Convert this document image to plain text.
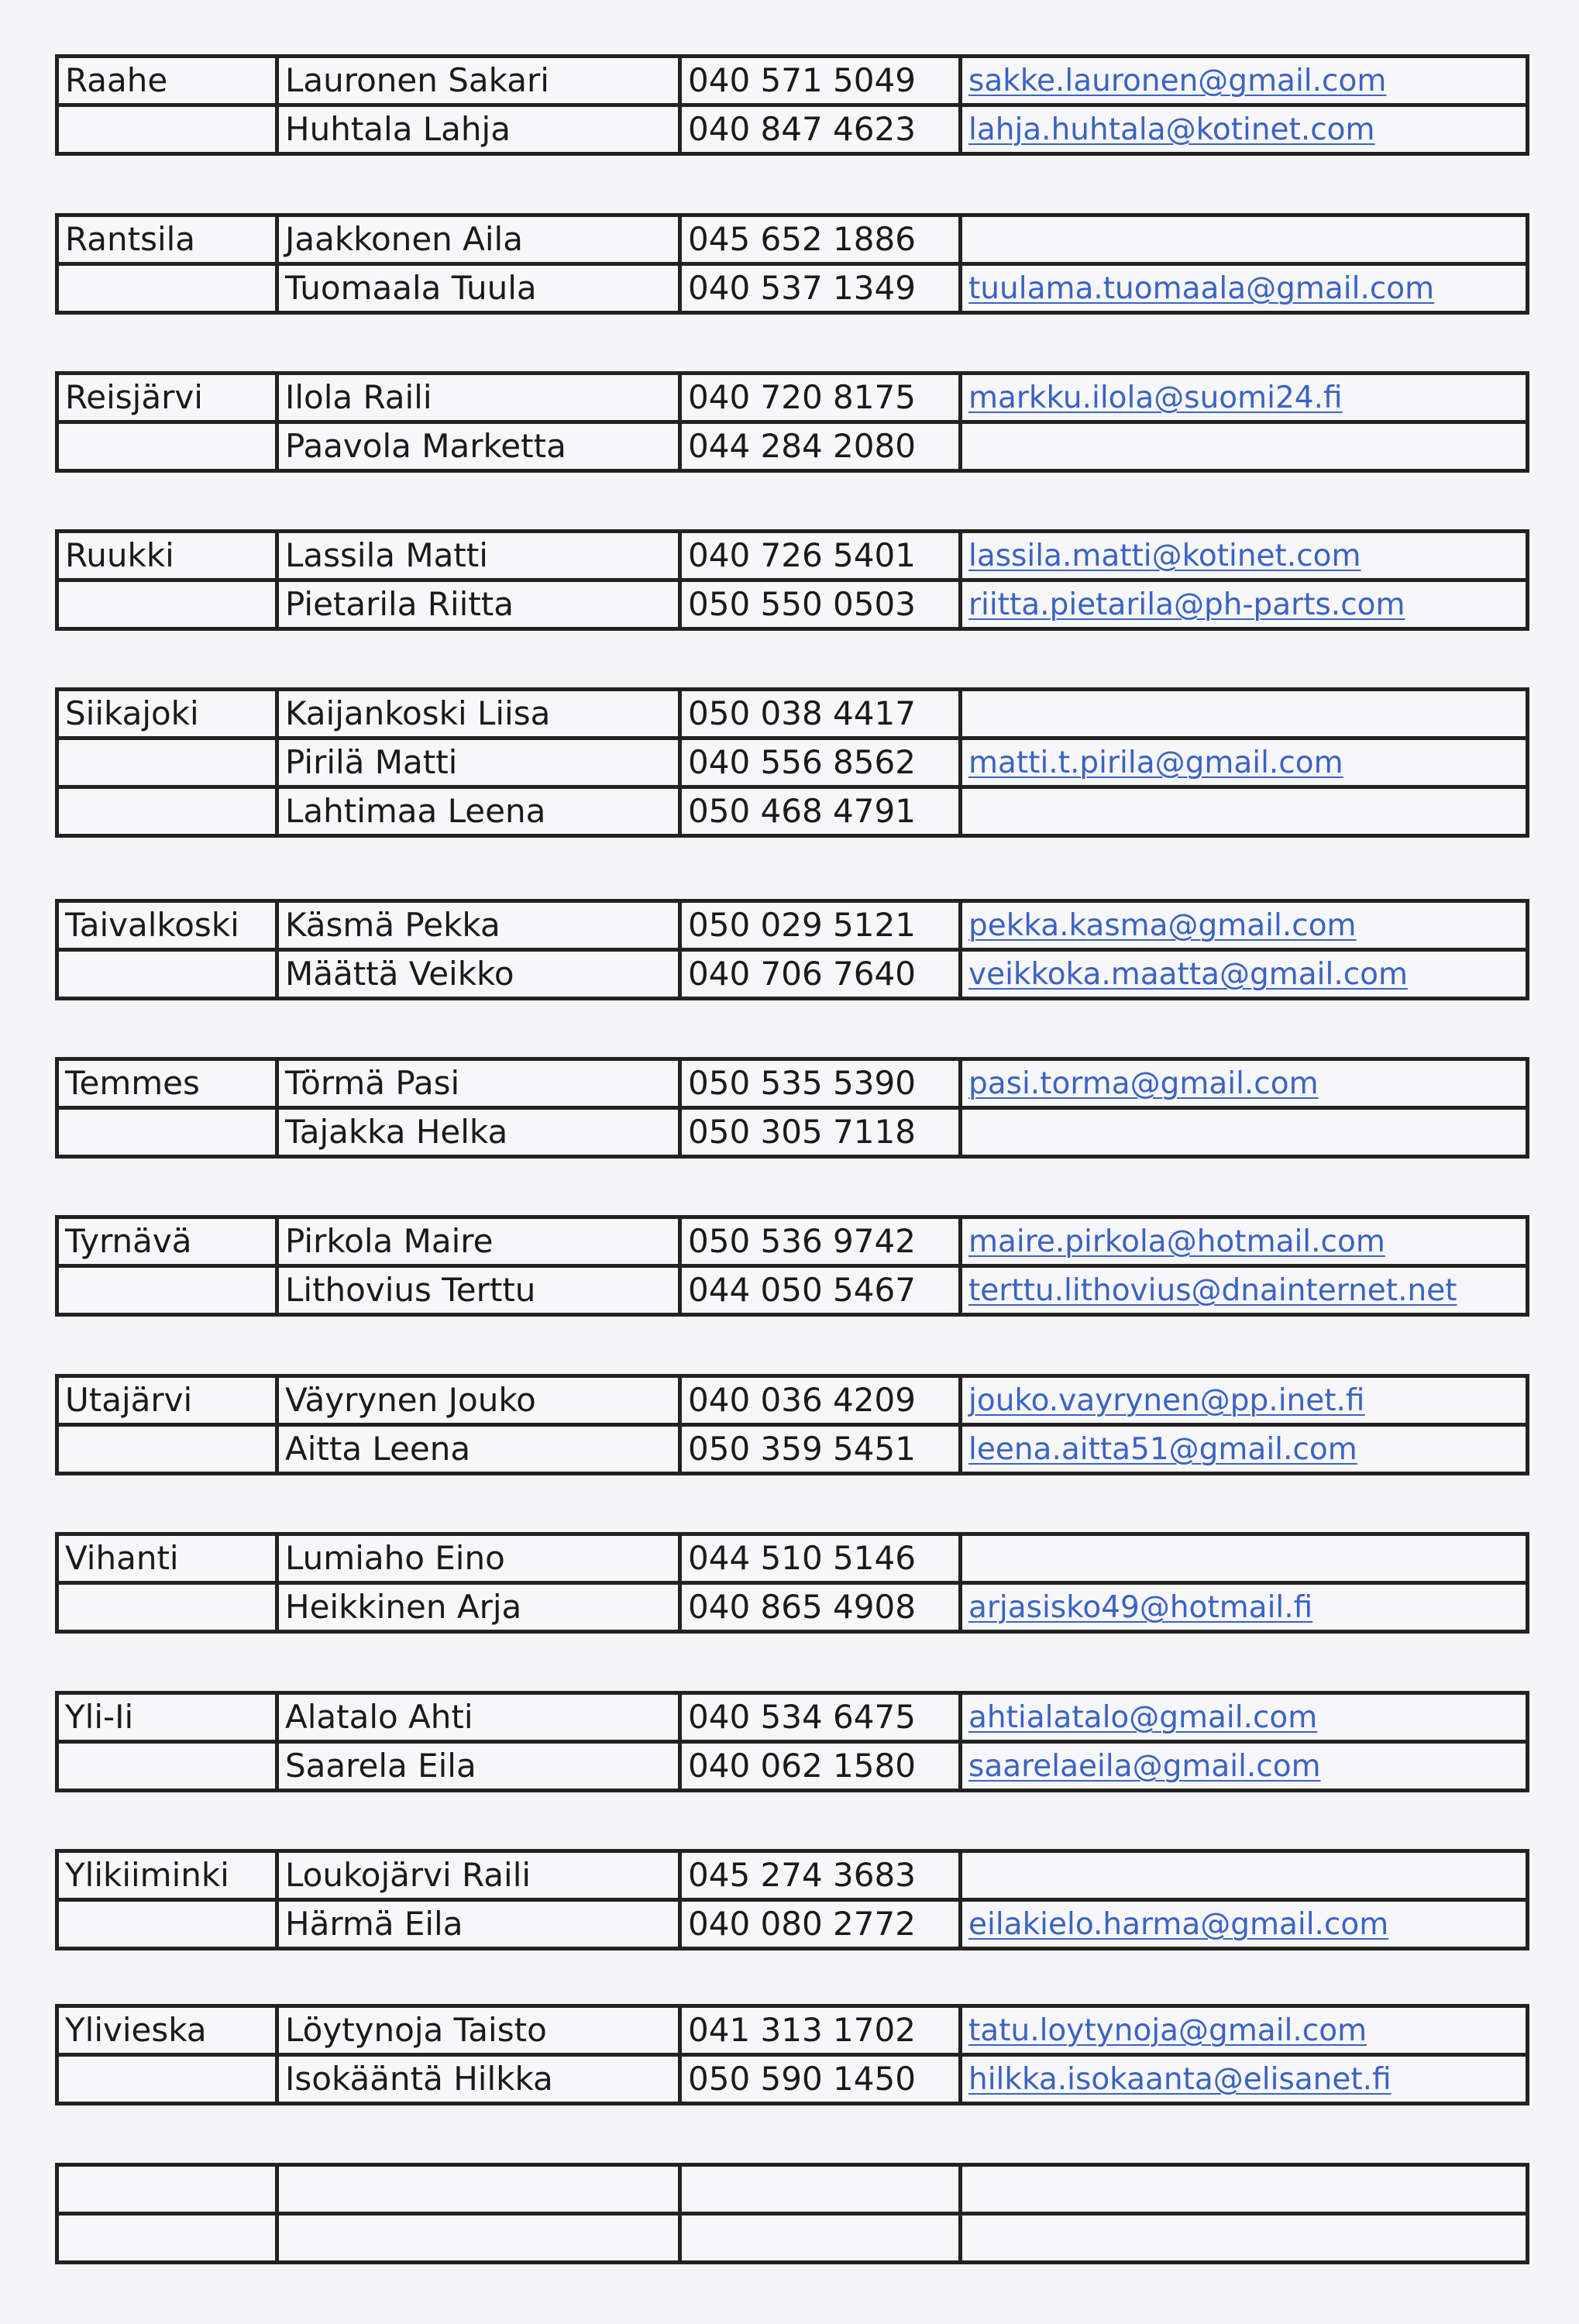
Raahe	Lauronen Sakari	040 571 5049	sakke.lauronen@gmail.com
	Huhtala Lahja	040 847 4623	lahja.huhtala@kotinet.com
Rantsila	Jaakkonen Aila	045 652 1886	
	Tuomaala Tuula	040 537 1349	tuulama.tuomaala@gmail.com
Reisjärvi	Ilola Raili	040 720 8175	markku.ilola@suomi24.fi
	Paavola Marketta	044 284 2080	
Ruukki	Lassila Matti	040 726 5401	lassila.matti@kotinet.com
	Pietarila Riitta	050 550 0503	riitta.pietarila@ph-parts.com
Siikajoki	Kaijankoski Liisa	050 038 4417	
	Pirilä Matti	040 556 8562	matti.t.pirila@gmail.com
	Lahtimaa Leena	050 468 4791	
Taivalkoski	Käsmä Pekka	050 029 5121	pekka.kasma@gmail.com
	Määttä Veikko	040 706 7640	veikkoka.maatta@gmail.com
Temmes	Törmä Pasi	050 535 5390	pasi.torma@gmail.com
	Tajakka Helka	050 305 7118	
Tyrnävä	Pirkola Maire	050 536 9742	maire.pirkola@hotmail.com
	Lithovius Terttu	044 050 5467	terttu.lithovius@dnainternet.net
Utajärvi	Väyrynen Jouko	040 036 4209	jouko.vayrynen@pp.inet.fi
	Aitta Leena	050 359 5451	leena.aitta51@gmail.com
Vihanti	Lumiaho Eino	044 510 5146	
	Heikkinen Arja	040 865 4908	arjasisko49@hotmail.fi
Yli-Ii	Alatalo Ahti	040 534 6475	ahtialatalo@gmail.com
	Saarela Eila	040 062 1580	saarelaeila@gmail.com
Ylikiiminki	Loukojärvi Raili	045 274 3683	
	Härmä Eila	040 080 2772	eilakielo.harma@gmail.com
Ylivieska	Löytynoja Taisto	041 313 1702	tatu.loytynoja@gmail.com
	Isokääntä Hilkka	050 590 1450	hilkka.isokaanta@elisanet.fi
